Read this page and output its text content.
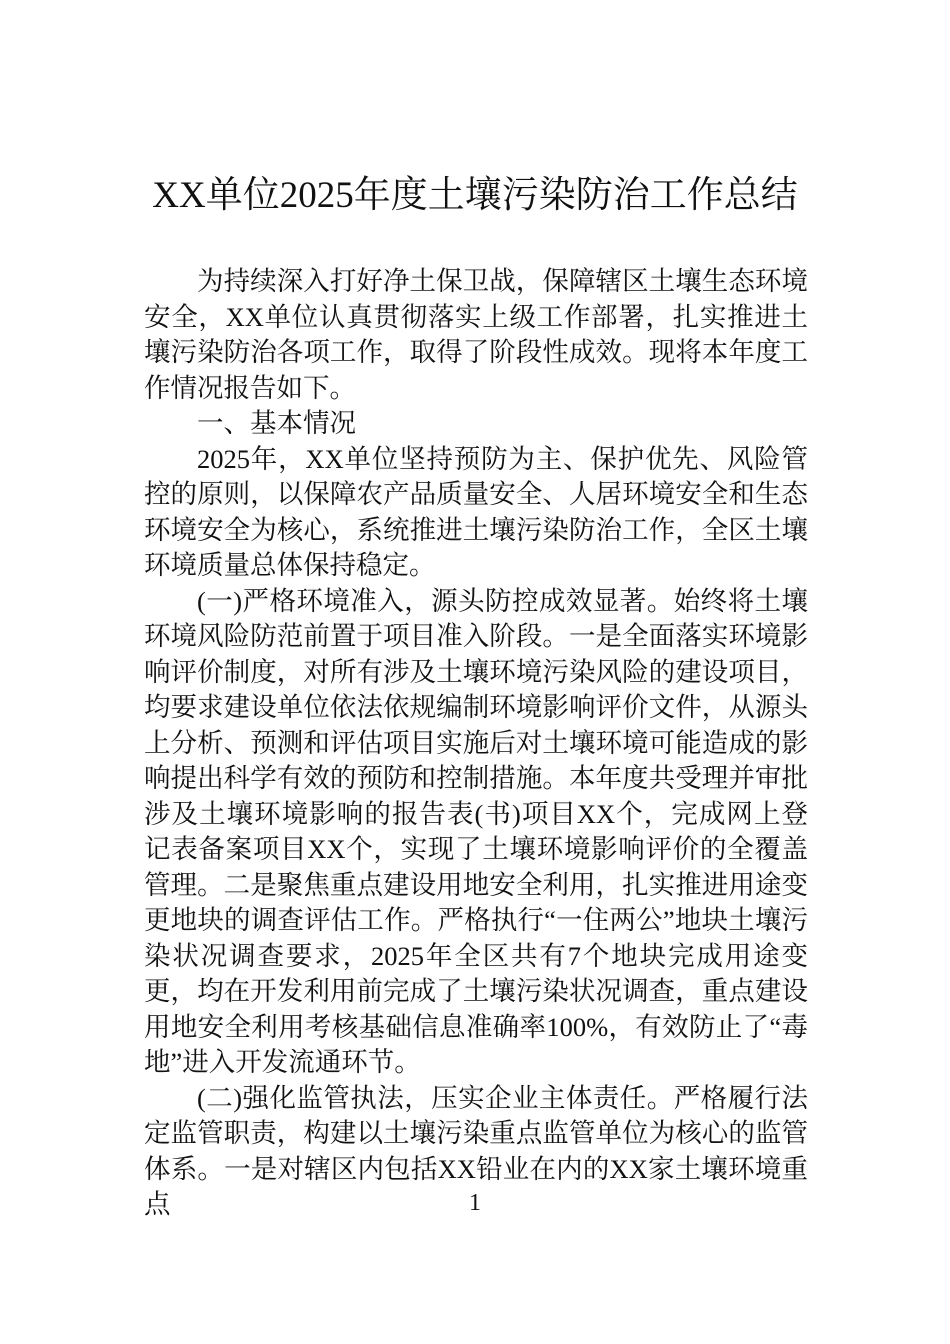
XX单位2025年度土壤污染防治工作总结

为持续深入打好净土保卫战，保障辖区土壤生态环境安全，XX单位认真贯彻落实上级工作部署，扎实推进土壤污染防治各项工作，取得了阶段性成效。现将本年度工作情况报告如下。

一、基本情况

2025年，XX单位坚持预防为主、保护优先、风险管控的原则，以保障农产品质量安全、人居环境安全和生态环境安全为核心，系统推进土壤污染防治工作，全区土壤环境质量总体保持稳定。

(一)严格环境准入，源头防控成效显著。始终将土壤环境风险防范前置于项目准入阶段。一是全面落实环境影响评价制度，对所有涉及土壤环境污染风险的建设项目，均要求建设单位依法依规编制环境影响评价文件，从源头上分析、预测和评估项目实施后对土壤环境可能造成的影响提出科学有效的预防和控制措施。本年度共受理并审批涉及土壤环境影响的报告表(书)项目XX个，完成网上登记表备案项目XX个，实现了土壤环境影响评价的全覆盖管理。二是聚焦重点建设用地安全利用，扎实推进用途变更地块的调查评估工作。严格执行“一住两公”地块土壤污染状况调查要求，2025年全区共有7个地块完成用途变更，均在开发利用前完成了土壤污染状况调查，重点建设用地安全利用考核基础信息准确率100%，有效防止了“毒地”进入开发流通环节。

(二)强化监管执法，压实企业主体责任。严格履行法定监管职责，构建以土壤污染重点监管单位为核心的监管体系。一是对辖区内包括XX铅业在内的XX家土壤环境重点	1
